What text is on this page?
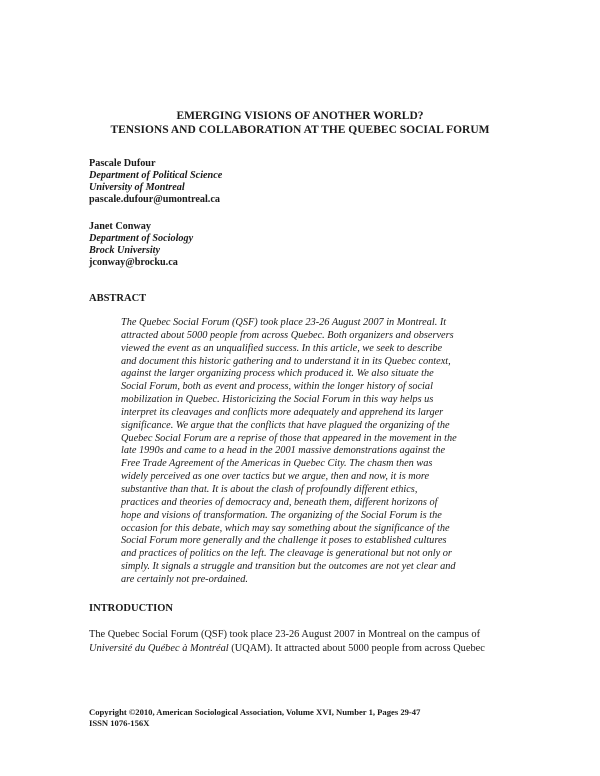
EMERGING VISIONS OF ANOTHER WORLD?
TENSIONS AND COLLABORATION AT THE QUEBEC SOCIAL FORUM
Pascale Dufour
Department of Political Science
University of Montreal
pascale.dufour@umontreal.ca
Janet Conway
Department of Sociology
Brock University
jconway@brocku.ca
ABSTRACT
The Quebec Social Forum (QSF) took place 23-26 August 2007 in Montreal. It
attracted about 5000 people from across Quebec. Both organizers and observers
viewed the event as an unqualified success. In this article, we seek to describe
and document this historic gathering and to understand it in its Quebec context,
against the larger organizing process which produced it. We also situate the
Social Forum, both as event and process, within the longer history of social
mobilization in Quebec. Historicizing the Social Forum in this way helps us
interpret its cleavages and conflicts more adequately and apprehend its larger
significance. We argue that the conflicts that have plagued the organizing of the
Quebec Social Forum are a reprise of those that appeared in the movement in the
late 1990s and came to a head in the 2001 massive demonstrations against the
Free Trade Agreement of the Americas in Quebec City. The chasm then was
widely perceived as one over tactics but we argue, then and now, it is more
substantive than that. It is about the clash of profoundly different ethics,
practices and theories of democracy and, beneath them, different horizons of
hope and visions of transformation. The organizing of the Social Forum is the
occasion for this debate, which may say something about the significance of the
Social Forum more generally and the challenge it poses to established cultures
and practices of politics on the left. The cleavage is generational but not only or
simply. It signals a struggle and transition but the outcomes are not yet clear and
are certainly not pre-ordained.
INTRODUCTION
The Quebec Social Forum (QSF) took place 23-26 August 2007 in Montreal on the campus of
Université du Québec à Montréal (UQAM). It attracted about 5000 people from across Quebec
Copyright ©2010, American Sociological Association, Volume XVI, Number 1, Pages 29-47
ISSN 1076-156X
